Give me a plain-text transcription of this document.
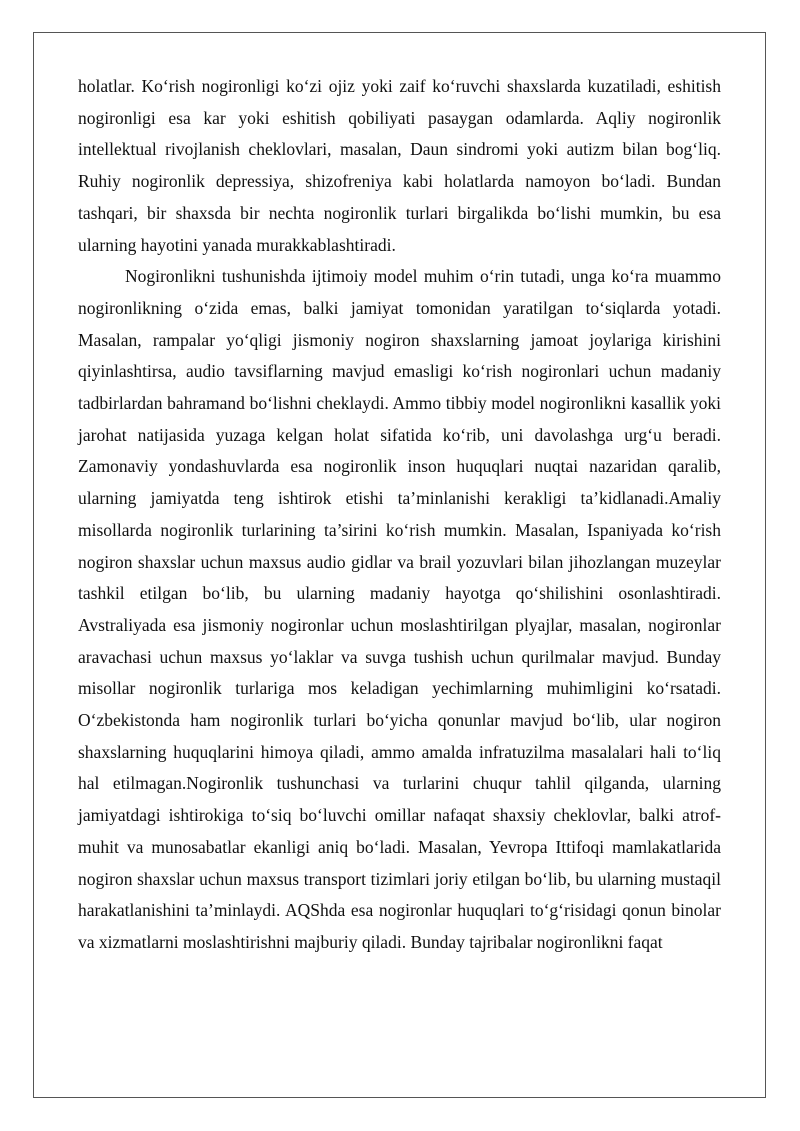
holatlar. Ko‘rish nogironligi ko‘zi ojiz yoki zaif ko‘ruvchi shaxslarda kuzatiladi, eshitish nogironligi esa kar yoki eshitish qobiliyati pasaygan odamlarda. Aqliy nogironlik intellektual rivojlanish cheklovlari, masalan, Daun sindromi yoki autizm bilan bog‘liq. Ruhiy nogironlik depressiya, shizofreniya kabi holatlarda namoyon bo‘ladi. Bundan tashqari, bir shaxsda bir nechta nogironlik turlari birgalikda bo‘lishi mumkin, bu esa ularning hayotini yanada murakkablashtiradi.

Nogironlikni tushunishda ijtimoiy model muhim o‘rin tutadi, unga ko‘ra muammo nogironlikning o‘zida emas, balki jamiyat tomonidan yaratilgan to‘siqlarda yotadi. Masalan, rampalar yo‘qligi jismoniy nogiron shaxslarning jamoat joylariga kirishini qiyinlashtirsa, audio tavsiflarning mavjud emasligi ko‘rish nogironlari uchun madaniy tadbirlardan bahramand bo‘lishni cheklaydi. Ammo tibbiy model nogironlikni kasallik yoki jarohat natijasida yuzaga kelgan holat sifatida ko‘rib, uni davolashga urg‘u beradi. Zamonaviy yondashuvlarda esa nogironlik inson huquqlari nuqtai nazaridan qaralib, ularning jamiyatda teng ishtirok etishi ta’minlanishi kerakligi ta’kidlanadi.Amaliy misollarda nogironlik turlarining ta’sirini ko‘rish mumkin. Masalan, Ispaniyada ko‘rish nogiron shaxslar uchun maxsus audio gidlar va brail yozuvlari bilan jihozlangan muzeylar tashkil etilgan bo‘lib, bu ularning madaniy hayotga qo‘shilishini osonlashtiradi. Avstraliyada esa jismoniy nogironlar uchun moslashtirilgan plyajlar, masalan, nogironlar aravachasi uchun maxsus yo‘laklar va suvga tushish uchun qurilmalar mavjud. Bunday misollar nogironlik turlariga mos keladigan yechimlarning muhimligini ko‘rsatadi. O‘zbekistonda ham nogironlik turlari bo‘yicha qonunlar mavjud bo‘lib, ular nogiron shaxslarning huquqlarini himoya qiladi, ammo amalda infratuzilma masalalari hali to‘liq hal etilmagan.Nogironlik tushunchasi va turlarini chuqur tahlil qilganda, ularning jamiyatdagi ishtirokiga to‘siq bo‘luvchi omillar nafaqat shaxsiy cheklovlar, balki atrof-muhit va munosabatlar ekanligi aniq bo‘ladi. Masalan, Yevropa Ittifoqi mamlakatlarida nogiron shaxslar uchun maxsus transport tizimlari joriy etilgan bo‘lib, bu ularning mustaqil harakatlanishini ta’minlaydi. AQShda esa nogironlar huquqlari to‘g‘risidagi qonun binolar va xizmatlarni moslashtirishni majburiy qiladi. Bunday tajribalar nogironlikni faqat
